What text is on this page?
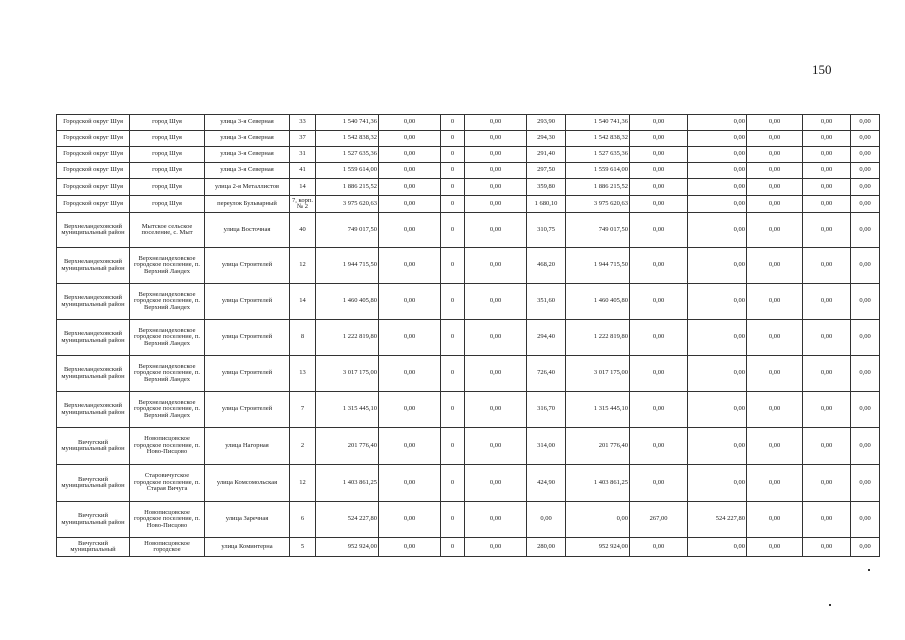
150
Городской округ Шуя	город Шуя	улица 3-я Северная	33	1 540 741,36	0,00	0	0,00	293,90	1 540 741,36	0,00	0,00	0,00	0,00	0,00
Городской округ Шуя	город Шуя	улица 3-я Северная	37	1 542 838,32	0,00	0	0,00	294,30	1 542 838,32	0,00	0,00	0,00	0,00	0,00
Городской округ Шуя	город Шуя	улица 3-я Северная	31	1 527 635,36	0,00	0	0,00	291,40	1 527 635,36	0,00	0,00	0,00	0,00	0,00
Городской округ Шуя	город Шуя	улица 3-я Северная	41	1 559 614,00	0,00	0	0,00	297,50	1 559 614,00	0,00	0,00	0,00	0,00	0,00
Городской округ Шуя	город Шуя	улица 2-я Металлистов	14	1 886 215,52	0,00	0	0,00	359,80	1 886 215,52	0,00	0,00	0,00	0,00	0,00
Городской округ Шуя	город Шуя	переулок Бульварный	7, корп. № 2	3 975 620,63	0,00	0	0,00	1 680,10	3 975 620,63	0,00	0,00	0,00	0,00	0,00
Верхнеландеховский муниципальный район	Мытское сельское поселение, с. Мыт	улица Восточная	40	749 017,50	0,00	0	0,00	310,75	749 017,50	0,00	0,00	0,00	0,00	0,00
Верхнеландеховский муниципальный район	Верхнеландеховское городское поселение, п. Верхний Ландех	улица Строителей	12	1 944 715,50	0,00	0	0,00	468,20	1 944 715,50	0,00	0,00	0,00	0,00	0,00
Верхнеландеховский муниципальный район	Верхнеландеховское городское поселение, п. Верхний Ландех	улица Строителей	14	1 460 405,80	0,00	0	0,00	351,60	1 460 405,80	0,00	0,00	0,00	0,00	0,00
Верхнеландеховский муниципальный район	Верхнеландеховское городское поселение, п. Верхний Ландех	улица Строителей	8	1 222 819,80	0,00	0	0,00	294,40	1 222 819,80	0,00	0,00	0,00	0,00	0,00
Верхнеландеховский муниципальный район	Верхнеландеховское городское поселение, п. Верхний Ландех	улица Строителей	13	3 017 175,00	0,00	0	0,00	726,40	3 017 175,00	0,00	0,00	0,00	0,00	0,00
Верхнеландеховский муниципальный район	Верхнеландеховское городское поселение, п. Верхний Ландех	улица Строителей	7	1 315 445,10	0,00	0	0,00	316,70	1 315 445,10	0,00	0,00	0,00	0,00	0,00
Вичугский муниципальный район	Новописцовское городское поселение, п. Ново-Писцово	улица Нагорная	2	201 776,40	0,00	0	0,00	314,00	201 776,40	0,00	0,00	0,00	0,00	0,00
Вичугский муниципальный район	Старовичугское городское поселение, п. Старая Вичуга	улица Комсомольская	12	1 403 861,25	0,00	0	0,00	424,90	1 403 861,25	0,00	0,00	0,00	0,00	0,00
Вичугский муниципальный район	Новописцовское городское поселение, п. Ново-Писцово	улица Заречная	6	524 227,80	0,00	0	0,00	0,00	0,00	267,00	524 227,80	0,00	0,00	0,00
Вичугский муниципальный	Новописцовское городское	улица Коминтерна	5	952 924,00	0,00	0	0,00	280,00	952 924,00	0,00	0,00	0,00	0,00	0,00
